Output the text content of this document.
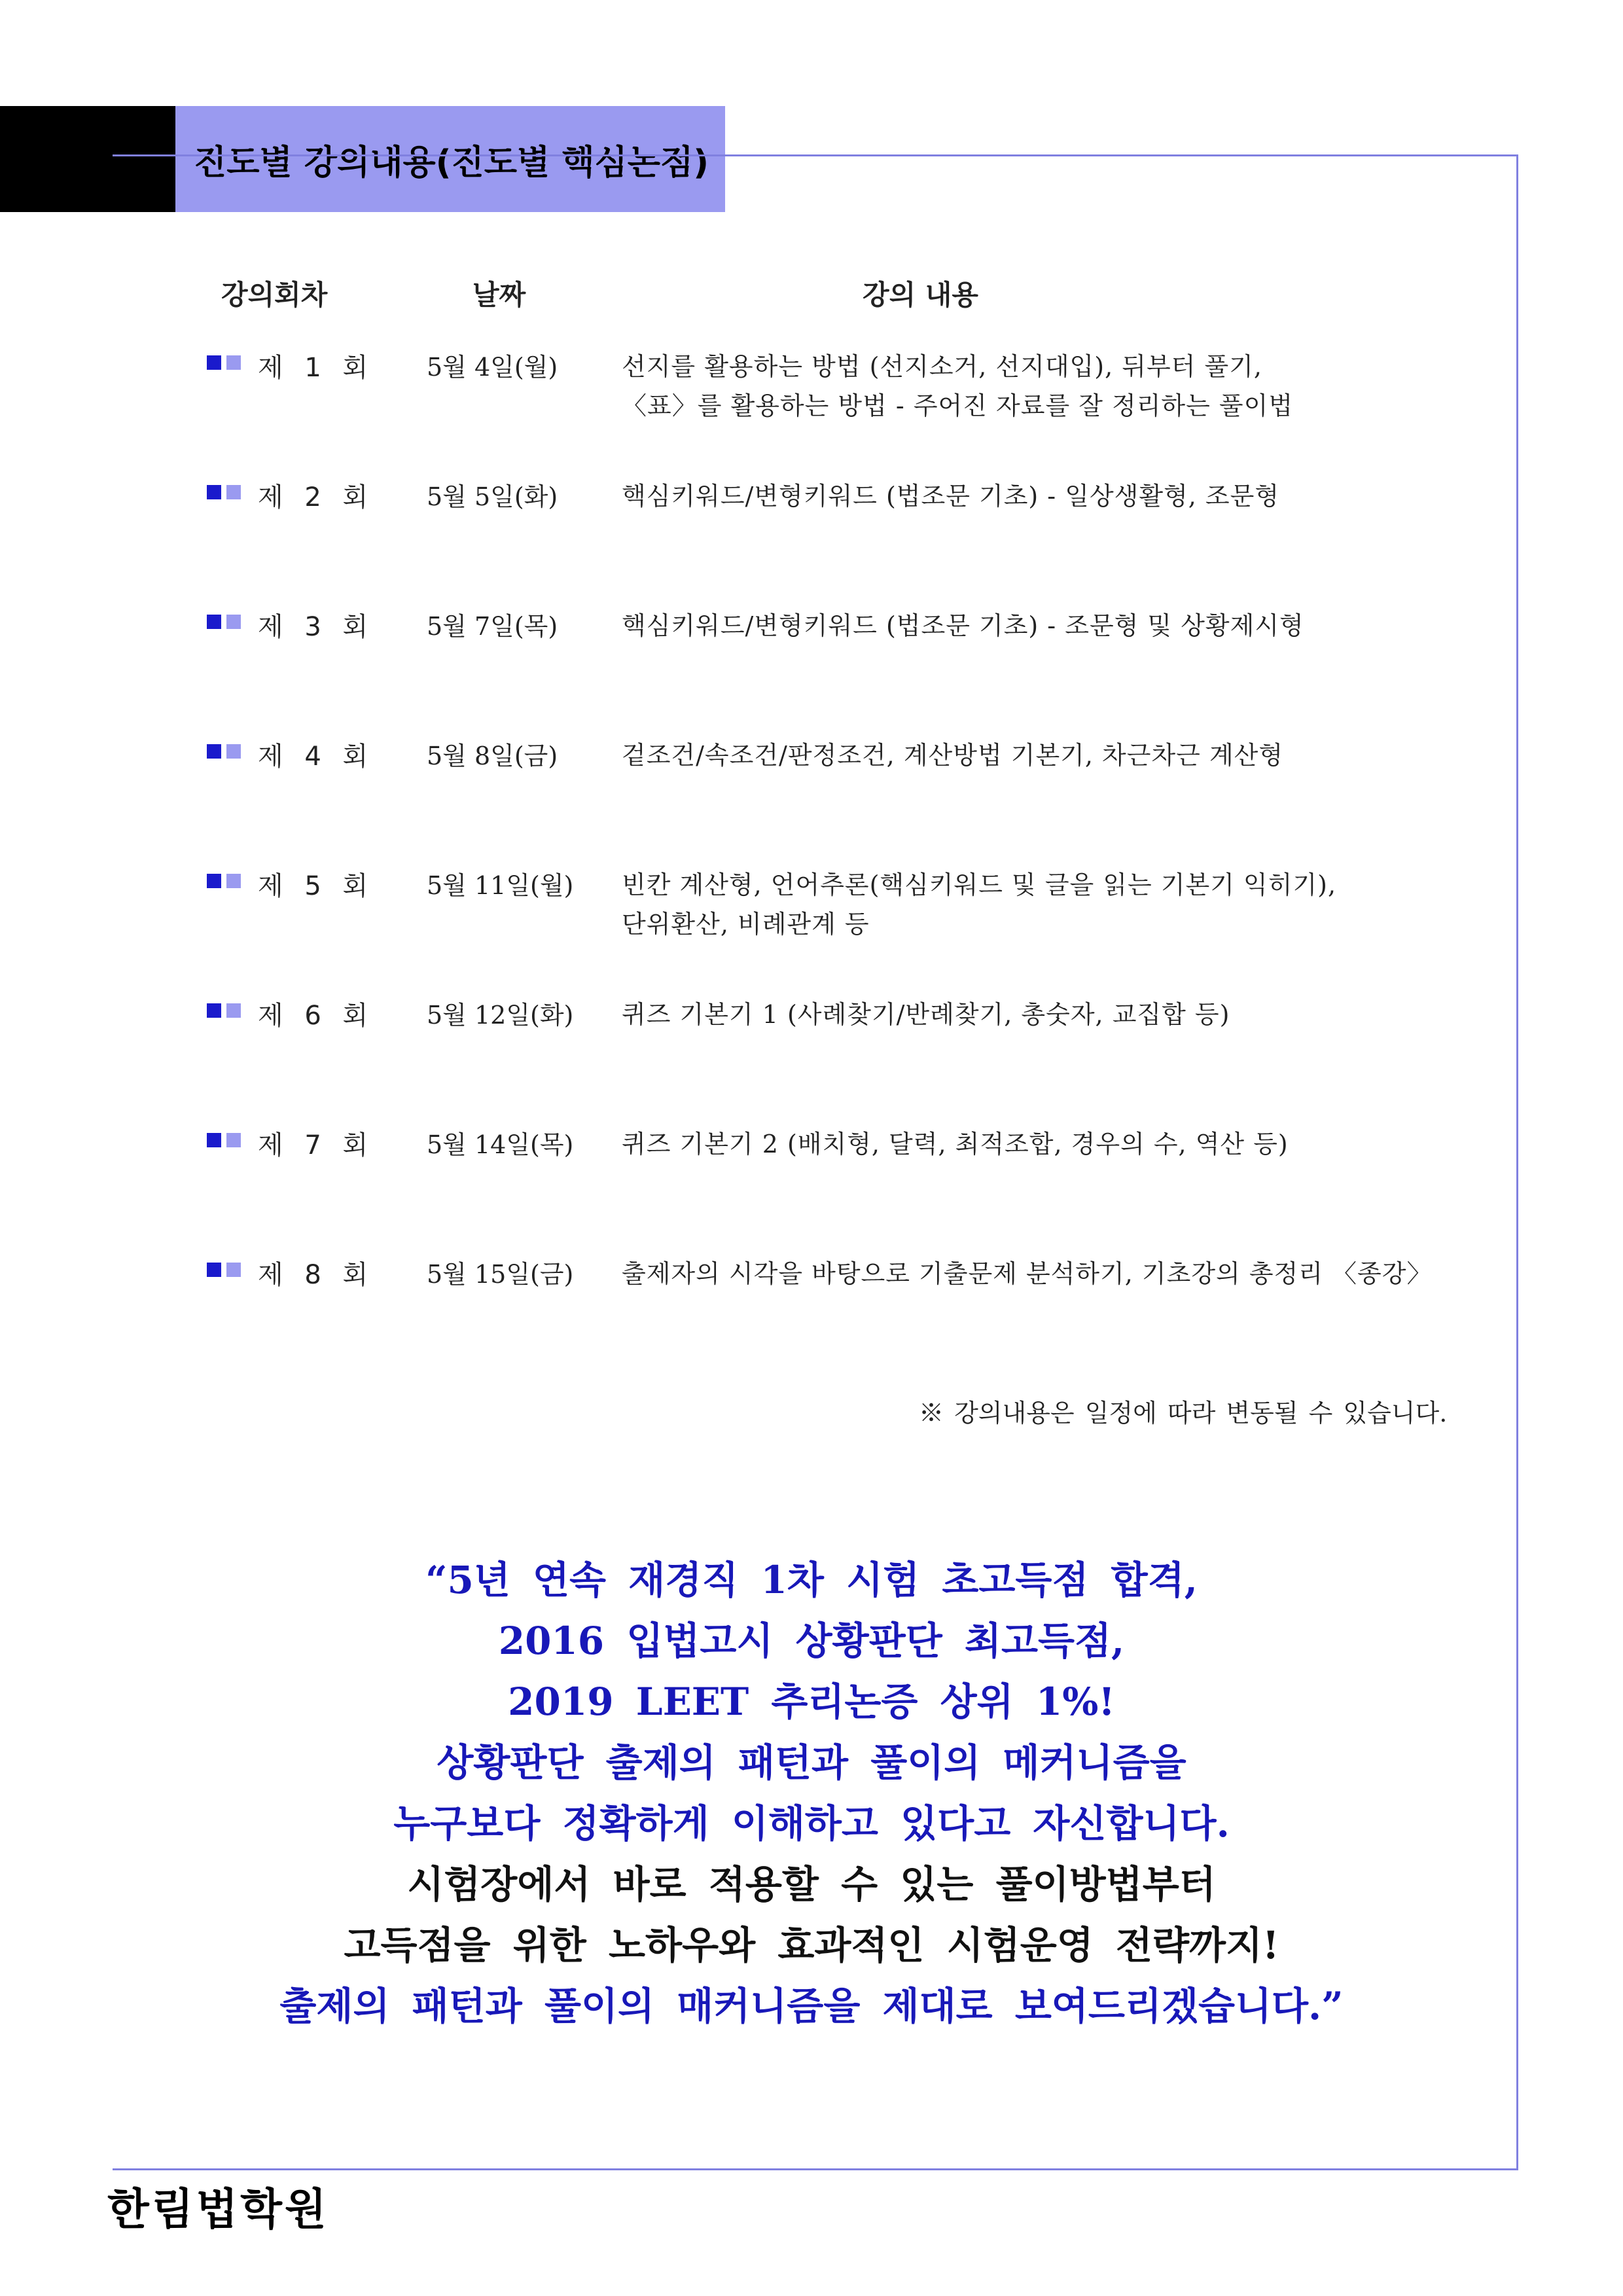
진도별 강의내용(진도별 핵심논점)
강의회차	날짜	강의 내용
제 1 회 5월 4일(월)	선지를 활용하는 방법 (선지소거, 선지대입), 뒤부터 풀기,
〈표〉를 활용하는 방법 - 주어진 자료를 잘 정리하는 풀이법
제 2 회 5월 5일(화)	핵심키워드/변형키워드 (법조문 기초) - 일상생활형, 조문형
제 3 회 5월 7일(목)	핵심키워드/변형키워드 (법조문 기초) - 조문형 및 상황제시형
제 4 회 5월 8일(금)	겉조건/속조건/판정조건, 계산방법 기본기, 차근차근 계산형
제 5 회 5월 11일(월) 빈칸 계산형, 언어추론(핵심키워드 및 글을 읽는 기본기 익히기),
단위환산, 비례관계 등
제 6 회 5월 12일(화) 퀴즈 기본기 1 (사례찾기/반례찾기, 총숫자, 교집합 등)
제 7 회 5월 14일(목) 퀴즈 기본기 2 (배치형, 달력, 최적조합, 경우의 수, 역산 등)
제 8 회 5월 15일(금) 출제자의 시각을 바탕으로 기출문제 분석하기, 기초강의 총정리 〈종강〉
※ 강의내용은 일정에 따라 변동될 수 있습니다.
“5년 연속 재경직 1차 시험 초고득점 합격,
2016 입법고시 상황판단 최고득점,
2019 LEET 추리논증 상위 1%!
상황판단 출제의 패턴과 풀이의 메커니즘을
누구보다 정확하게 이해하고 있다고 자신합니다.
시험장에서 바로 적용할 수 있는 풀이방법부터
고득점을 위한 노하우와 효과적인 시험운영 전략까지!
출제의 패턴과 풀이의 매커니즘을 제대로 보여드리겠습니다.”
한림법학원
